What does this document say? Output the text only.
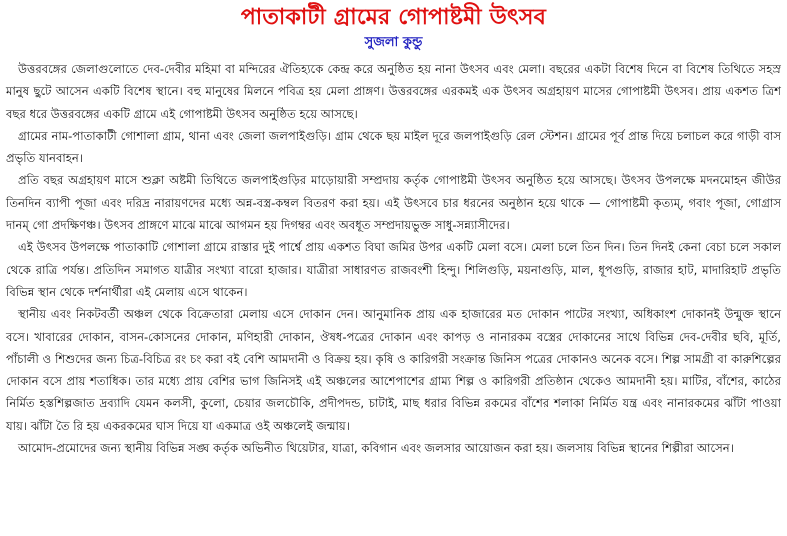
পাতাকাটী গ্রামের গোপাষ্টমী উৎসব
সুজলা কুন্ডু

উত্তরবঙ্গের জেলাগুলোতে দেব-দেবীর মহিমা বা মন্দিরের ঐতিহ্যকে কেন্দ্র করে অনুষ্ঠিত হয় নানা উৎসব এবং মেলা। বছরের একটা বিশেষ দিনে বা বিশেষ তিথিতে সহস্র মানুষ ছুটে আসেন একটি বিশেষ স্থানে। বহু মানুষের মিলনে পবিত্র হয় মেলা প্রাঙ্গণ। উত্তরবঙ্গের এরকমই এক উৎসব অগ্রহায়ণ মাসের গোপাষ্টমী উৎসব। প্রায় একশত ত্রিশ বছর ধরে উত্তরবঙ্গের একটি গ্রামে এই গোপাষ্টমী উৎসব অনুষ্ঠিত হয়ে আসছে।

গ্রামের নাম-পাতাকাটী গোশালা গ্রাম, থানা এবং জেলা জলপাইগুড়ি। গ্রাম থেকে ছয় মাইল দূরে জলপাইগুড়ি রেল স্টেশন। গ্রামের পূর্ব প্রান্ত দিয়ে চলাচল করে গাড়ী বাস প্রভৃতি যানবাহন।

প্রতি বছর অগ্রহায়ণ মাসে শুক্লা অষ্টমী তিথিতে জলপাইগুড়ির মাড়োয়ারী সম্প্রদায় কর্তৃক গোপাষ্টমী উৎসব অনুষ্ঠিত হয়ে আসছে। উৎসব উপলক্ষে মদনমোহন জীউর তিনদিন ব্যাপী পূজা এবং দরিদ্র নারায়ণদের মধ্যে অন্ন-বস্ত্র-কম্বল বিতরণ করা হয়। এই উৎসবে চার ধরনের অনুষ্ঠান হয়ে থাকে — গোপাষ্টমী কৃত্যম্, গবাং পূজা, গোগ্রাস দানম্ গো প্রদক্ষিণঞ্চ। উৎসব প্রাঙ্গণে মাঝে মাঝে আগমন হয় দিগম্বর এবং অবধূত সম্প্রদায়ভুক্ত সাধু-সন্ন্যাসীদের।

এই উৎসব উপলক্ষে পাতাকাটি গোশালা গ্রামে রাস্তার দুই পার্শ্বে প্রায় একশত বিঘা জমির উপর একটি মেলা বসে। মেলা চলে তিন দিন। তিন দিনই কেনা বেচা চলে সকাল থেকে রাত্রি পর্যন্ত। প্রতিদিন সমাগত যাত্রীর সংখ্যা বারো হাজার। যাত্রীরা সাধারণত রাজবংশী হিন্দু। শিলিগুড়ি, ময়নাগুড়ি, মাল, ধূপগুড়ি, রাজার হাট, মাদারিহাট প্রভৃতি বিভিন্ন স্থান থেকে দর্শনার্থীরা এই মেলায় এসে থাকেন।

স্থানীয় এবং নিকটবর্তী অঞ্চল থেকে বিক্রেতারা মেলায় এসে দোকান দেন। আনুমানিক প্রায় এক হাজারের মত দোকান পাটের সংখ্যা, অধিকাংশ দোকানই উন্মুক্ত স্থানে বসে। খাবারের দোকান, বাসন-কোসনের দোকান, মণিহারী দোকান, ঔষধ-পত্রের দোকান এবং কাপড় ও নানারকম বস্ত্রের দোকানের সাথে বিভিন্ন দেব-দেবীর ছবি, মূর্তি, পাঁচালী ও শিশুদের জন্য চিত্র-বিচিত্র রং চং করা বই বেশি আমদানী ও বিক্রয় হয়। কৃষি ও কারিগরী সংক্রান্ত জিনিস পত্রের দোকানও অনেক বসে। শিল্প সামগ্রী বা কারুশিল্পের দোকান বসে প্রায় শতাধিক। তার মধ্যে প্রায় বেশির ভাগ জিনিসই এই অঞ্চলের আশেপাশের গ্রাম্য শিল্প ও কারিগরী প্রতিষ্ঠান থেকেও আমদানী হয়। মাটির, বাঁশের, কাঠের নির্মিত হস্তশিল্পজাত দ্রব্যাদি যেমন কলসী, কুলো, চেয়ার জলচৌকি, প্রদীপদন্ড, চাটাই, মাছ ধরার বিভিন্ন রকমের বাঁশের শলাকা নির্মিত যন্ত্র এবং নানারকমের ঝাঁটা পাওয়া যায়। ঝাঁটা তৈ রি হয় একরকমের ঘাস দিয়ে যা একমাত্র ওই অঞ্চলেই জন্মায়।

আমোদ-প্রমোদের জন্য স্থানীয় বিভিন্ন সঙ্ঘ কর্তৃক অভিনীত থিয়েটার, যাত্রা, কবিগান এবং জলসার আয়োজন করা হয়। জলসায় বিভিন্ন স্থানের শিল্পীরা আসেন।
